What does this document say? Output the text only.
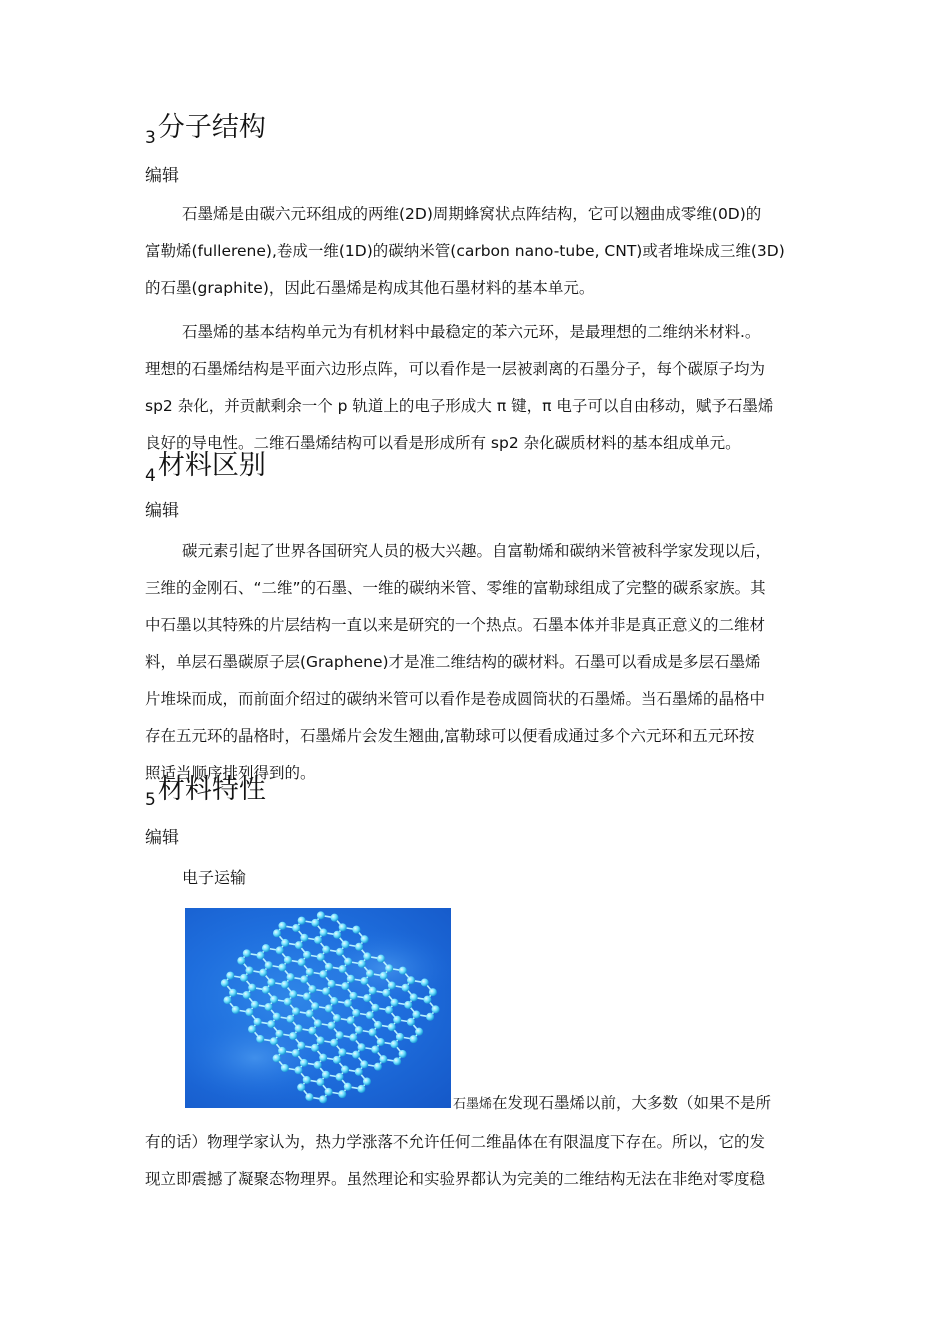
$_3$分子结构
编辑
石墨烯是由碳六元环组成的两维(2D)周期蜂窝状点阵结构，它可以翘曲成零维(0D)的
富勒烯(fullerene),卷成一维(1D)的碳纳米管(carbon nano-tube, CNT)或者堆垛成三维(3D)
的石墨(graphite)，因此石墨烯是构成其他石墨材料的基本单元。
石墨烯的基本结构单元为有机材料中最稳定的苯六元环，是最理想的二维纳米材料.。
理想的石墨烯结构是平面六边形点阵，可以看作是一层被剥离的石墨分子，每个碳原子均为
sp2 杂化，并贡献剩余一个 p 轨道上的电子形成大 π 键，π 电子可以自由移动，赋予石墨烯
良好的导电性。二维石墨烯结构可以看是形成所有 sp2 杂化碳质材料的基本组成单元。
$_4$材料区别
编辑
碳元素引起了世界各国研究人员的极大兴趣。自富勒烯和碳纳米管被科学家发现以后，
三维的金刚石、“二维”的石墨、一维的碳纳米管、零维的富勒球组成了完整的碳系家族。其
中石墨以其特殊的片层结构一直以来是研究的一个热点。石墨本体并非是真正意义的二维材
料，单层石墨碳原子层(Graphene)才是准二维结构的碳材料。石墨可以看成是多层石墨烯
片堆垛而成，而前面介绍过的碳纳米管可以看作是卷成圆筒状的石墨烯。当石墨烯的晶格中
存在五元环的晶格时，石墨烯片会发生翘曲,富勒球可以便看成通过多个六元环和五元环按
照适当顺序排列得到的。
$_5$材料特性
编辑
电子运输
石墨烯在发现石墨烯以前，大多数（如果不是所
有的话）物理学家认为，热力学涨落不允许任何二维晶体在有限温度下存在。所以，它的发
现立即震撼了凝聚态物理界。虽然理论和实验界都认为完美的二维结构无法在非绝对零度稳
